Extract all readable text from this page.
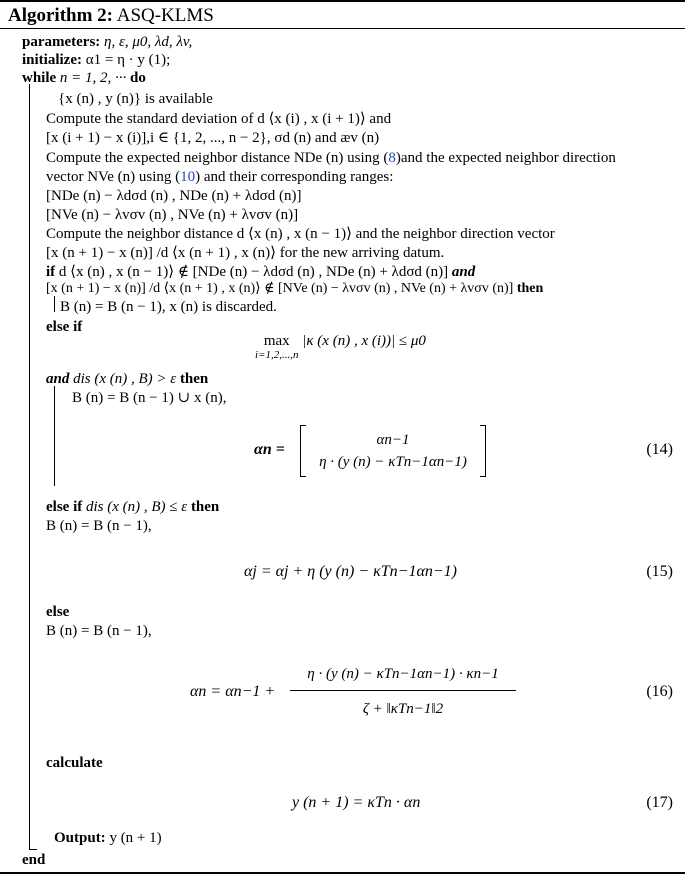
Algorithm 2: ASQ-KLMS
parameters: η, ε, μ0, λd, λv,
initialize: α1 = η · y (1);
while n = 1, 2, ··· do
{x (n) , y (n)} is available
Compute the standard deviation of d ⟨x (i) , x (i + 1)⟩ and
[x (i + 1) − x (i)],i ∈ {1, 2, ..., n − 2}, σd (n) and æv (n)
Compute the expected neighbor distance NDe (n) using (8)and the expected neighbor direction
vector NVe (n) using (10) and their corresponding ranges:
[NDe (n) − λdσd (n) , NDe (n) + λdσd (n)]
[NVe (n) − λvσv (n) , NVe (n) + λvσv (n)]
Compute the neighbor distance d ⟨x (n) , x (n − 1)⟩ and the neighbor direction vector
[x (n + 1) − x (n)] /d ⟨x (n + 1) , x (n)⟩ for the new arriving datum.
if d ⟨x (n) , x (n − 1)⟩ ∉ [NDe (n) − λdσd (n) , NDe (n) + λdσd (n)] and
[x (n + 1) − x (n)] /d ⟨x (n + 1) , x (n)⟩ ∉ [NVe (n) − λvσv (n) , NVe (n) + λvσv (n)] then
B (n) = B (n − 1), x (n) is discarded.
else if
max
i=1,2,...,n
|κ (x (n) , x (i))| ≤ μ0
and dis (x (n) , B) > ε then
B (n) = B (n − 1) ∪ x (n),
αn =
αn−1
η · (y (n) − κTn−1αn−1)
(14)
else if dis (x (n) , B) ≤ ε then
B (n) = B (n − 1),
αj = αj + η (y (n) − κTn−1αn−1)	(15)
else
B (n) = B (n − 1),
αn = αn−1 +
η · (y (n) − κTn−1αn−1) · κn−1
ζ + ‖κTn−1‖2
(16)
calculate
y (n + 1) = κTn · αn	(17)
Output: y (n + 1)
end
